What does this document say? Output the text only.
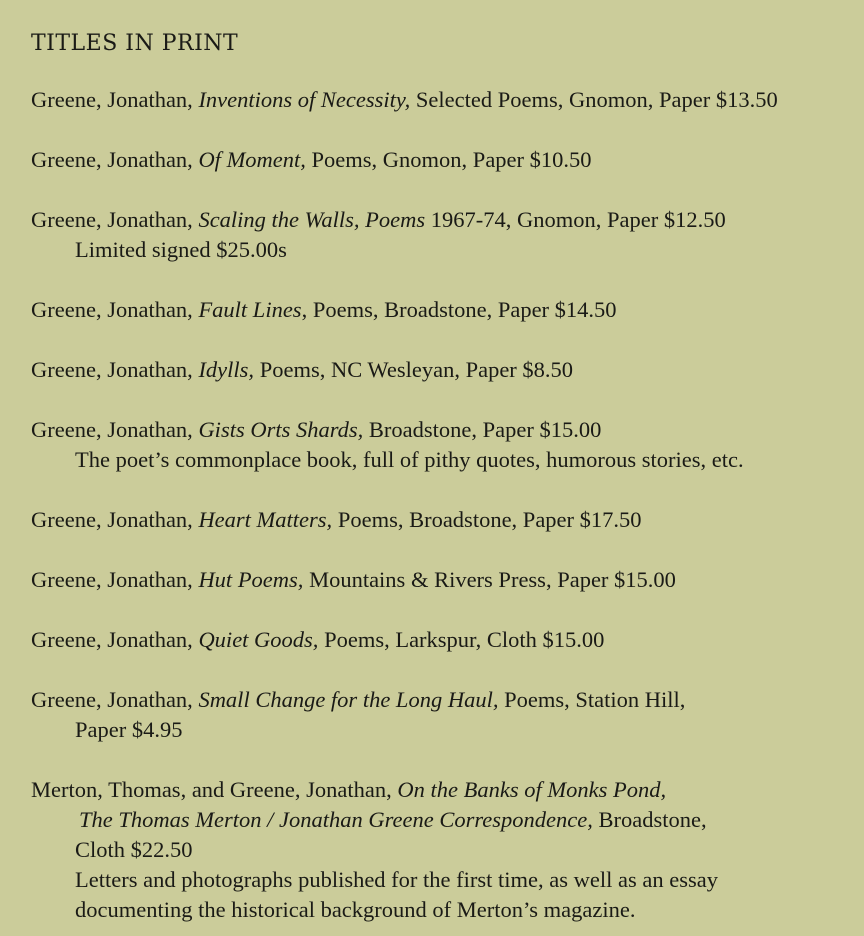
TITLES IN PRINT
Greene, Jonathan, Inventions of Necessity, Selected Poems, Gnomon, Paper $13.50
Greene, Jonathan, Of Moment, Poems, Gnomon, Paper $10.50
Greene, Jonathan, Scaling the Walls, Poems 1967-74, Gnomon, Paper $12.50
Limited signed $25.00s
Greene, Jonathan, Fault Lines, Poems, Broadstone, Paper $14.50
Greene, Jonathan, Idylls, Poems, NC Wesleyan, Paper $8.50
Greene, Jonathan, Gists Orts Shards, Broadstone, Paper $15.00
The poet’s commonplace book, full of pithy quotes, humorous stories, etc.
Greene, Jonathan, Heart Matters, Poems, Broadstone, Paper $17.50
Greene, Jonathan, Hut Poems, Mountains & Rivers Press, Paper $15.00
Greene, Jonathan, Quiet Goods, Poems, Larkspur, Cloth $15.00
Greene, Jonathan, Small Change for the Long Haul, Poems, Station Hill,
Paper $4.95
Merton, Thomas, and Greene, Jonathan, On the Banks of Monks Pond,
The Thomas Merton / Jonathan Greene Correspondence, Broadstone,
Cloth $22.50
Letters and photographs published for the first time, as well as an essay
documenting the historical background of Merton’s magazine.
